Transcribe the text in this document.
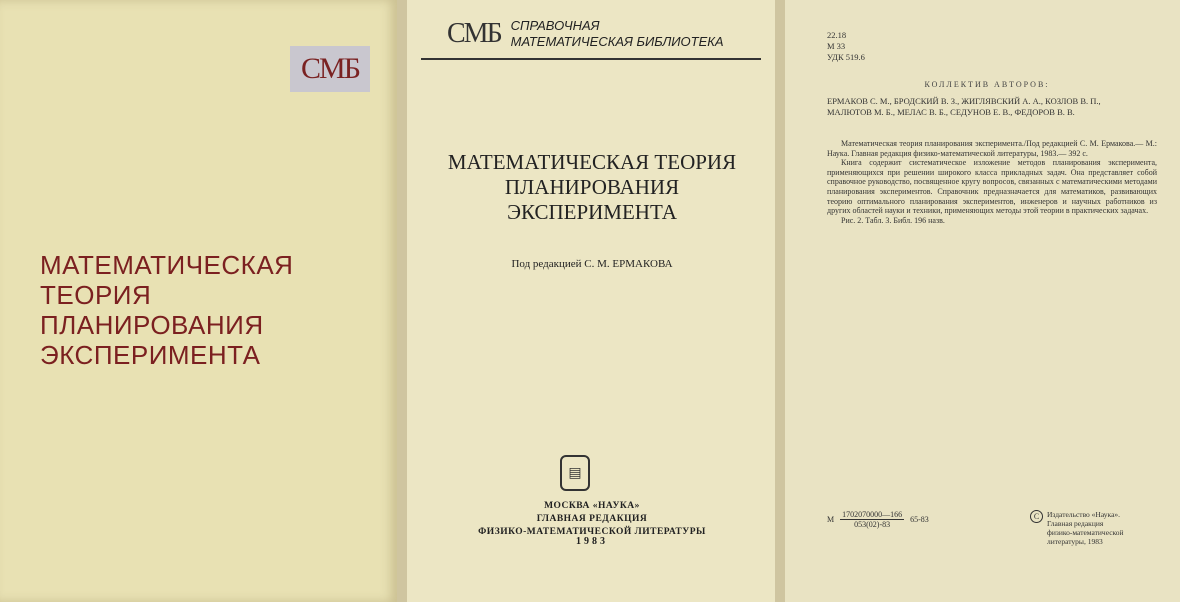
СМБ
МАТЕМАТИЧЕСКАЯ
ТЕОРИЯ
ПЛАНИРОВАНИЯ
ЭКСПЕРИМЕНТА
СМБ СПРАВОЧНАЯ
МАТЕМАТИЧЕСКАЯ БИБЛИОТЕКА
МАТЕМАТИЧЕСКАЯ ТЕОРИЯ
ПЛАНИРОВАНИЯ
ЭКСПЕРИМЕНТА
Под редакцией С. М. ЕРМАКОВА
▤
МОСКВА «НАУКА»
ГЛАВНАЯ РЕДАКЦИЯ
ФИЗИКО-МАТЕМАТИЧЕСКОЙ ЛИТЕРАТУРЫ
1983
22.18
М 33
УДК 519.6
КОЛЛЕКТИВ АВТОРОВ:
ЕРМАКОВ С. М., БРОДСКИЙ В. З., ЖИГЛЯВСКИЙ А. А., КОЗЛОВ В. П.,
МАЛЮТОВ М. Б., МЕЛАС В. Б., СЕДУНОВ Е. В., ФЕДОРОВ В. В.

Математическая теория планирования эксперимента./Под редакцией С. М. Ермакова.— М.: Наука. Главная редакция физико-математической литературы, 1983.— 392 с.

Книга содержит систематическое изложение методов планирования эксперимента, применяющихся при решении широкого класса прикладных задач. Она представляет собой справочное руководство, посвященное кругу вопросов, связанных с математическими методами планирования экспериментов. Справочник предназначается для математиков, развивающих теорию оптимального планирования экспериментов, инженеров и научных работников из других областей науки и техники, применяющих методы этой теории в практических задачах.

Рис. 2. Табл. 3. Библ. 196 назв.

М $\frac{1702070000—166}{053(02)-83} 65-83$	C	Издательство «Наука».
Главная редакция
физико-математической
литературы, 1983
